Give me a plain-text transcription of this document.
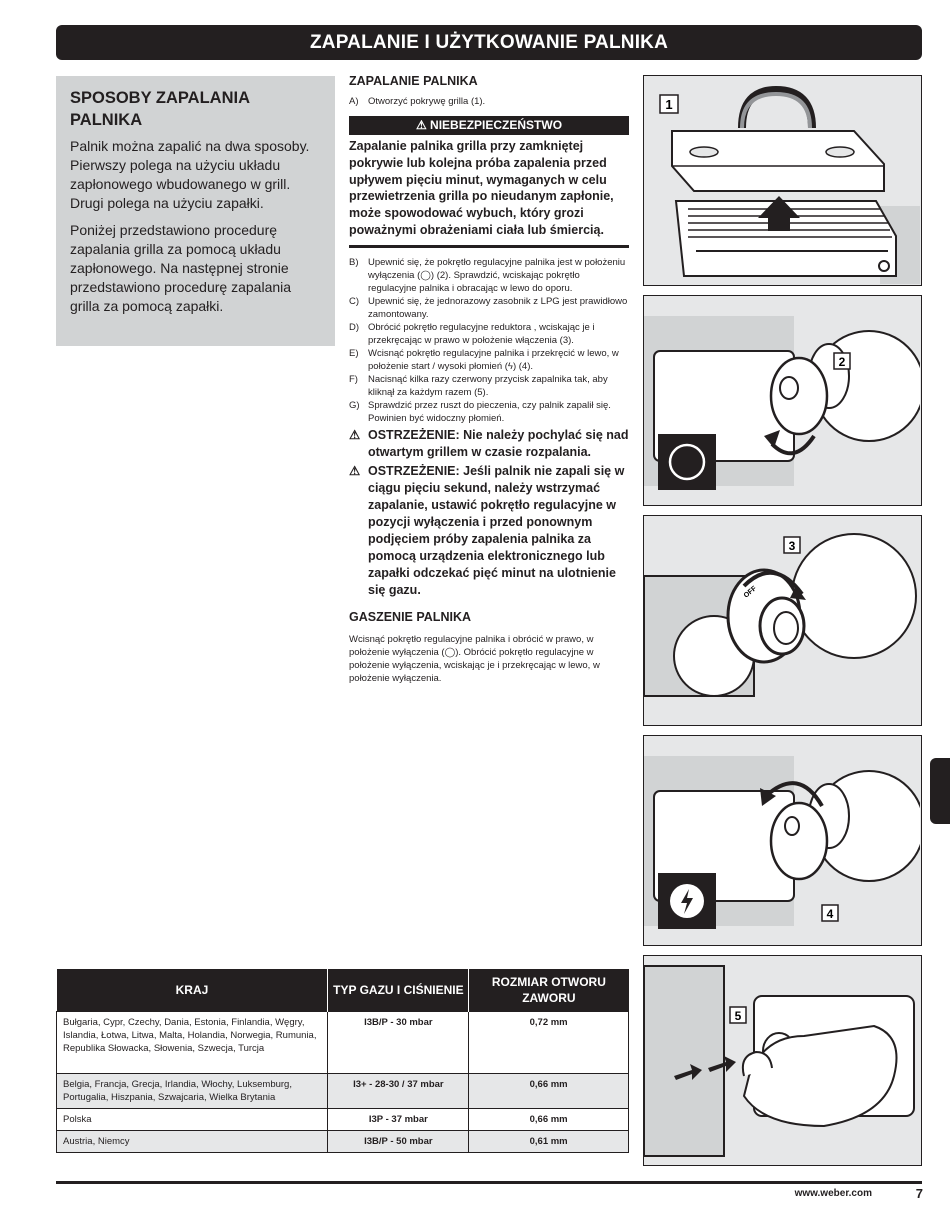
ZAPALANIE I UŻYTKOWANIE PALNIKA
SPOSOBY ZAPALANIA PALNIKA

Palnik można zapalić na dwa sposoby. Pierwszy polega na użyciu układu zapłonowego wbudowanego w grill. Drugi polega na użyciu zapałki.

Poniżej przedstawiono procedurę zapalania grilla za pomocą układu zapłonowego. Na następnej stronie przedstawiono procedurę zapalania grilla za pomocą zapałki.

ZAPALANIE PALNIKA
A)	Otworzyć pokrywę grilla (1).
⚠ NIEBEZPIECZEŃSTWO
Zapalanie palnika grilla przy zamkniętej pokrywie lub kolejna próba zapalenia przed upływem pięciu minut, wymaganych w celu przewietrzenia grilla po nieudanym zapłonie, może spowodować wybuch, który grozi poważnymi obrażeniami ciała lub śmiercią.
B)	Upewnić się, że pokrętło regulacyjne palnika jest w położeniu wyłączenia (◯) (2). Sprawdzić, wciskając pokrętło regulacyjne palnika i obracając w lewo do oporu.
C) Upewnić się, że jednorazowy zasobnik z LPG jest prawidłowo zamontowany.
D) Obrócić pokrętło regulacyjne reduktora , wciskając je i przekręcając w prawo w położenie włączenia (3).
E)	Wcisnąć pokrętło regulacyjne palnika i przekręcić w lewo, w położenie start / wysoki płomień (ϟ) (4).
F)	Nacisnąć kilka razy czerwony przycisk zapalnika tak, aby kliknął za każdym razem (5).
G) Sprawdzić przez ruszt do pieczenia, czy palnik zapalił się. Powinien być widoczny płomień.
⚠ OSTRZEŻENIE: Nie należy pochylać się nad otwartym grillem w czasie rozpalania.
⚠ OSTRZEŻENIE: Jeśli palnik nie zapali się w ciągu pięciu sekund, należy wstrzymać zapalanie, ustawić pokrętło regulacyjne w pozycji wyłączenia i przed ponownym podjęciem próby zapalenia palnika za pomocą urządzenia elektronicznego lub zapałki odczekać pięć minut na ulotnienie się gazu.
GASZENIE PALNIKA
Wcisnąć pokrętło regulacyjne palnika i obrócić w prawo, w położenie wyłączenia (◯). Obrócić pokrętło regulacyjne w położenie wyłączenia, wciskając je i przekręcając w lewo, w położenie wyłączenia.
1
2
OFF
3
4
5
KRAJ	TYP GAZU I CIŚNIENIE	ROZMIAR OTWORU ZAWORU
Bułgaria, Cypr, Czechy, Dania, Estonia, Finlandia, Węgry, Islandia, Łotwa, Litwa, Malta, Holandia, Norwegia, Rumunia, Republika Słowacka, Słowenia, Szwecja, Turcja	I3B/P - 30 mbar	0,72 mm
Belgia, Francja, Grecja, Irlandia, Włochy, Luksemburg, Portugalia, Hiszpania, Szwajcaria, Wielka Brytania	I3+ - 28-30 / 37 mbar	0,66 mm
Polska	I3P - 37 mbar	0,66 mm
Austria, Niemcy	I3B/P - 50 mbar	0,61 mm
www.weber.com	7
